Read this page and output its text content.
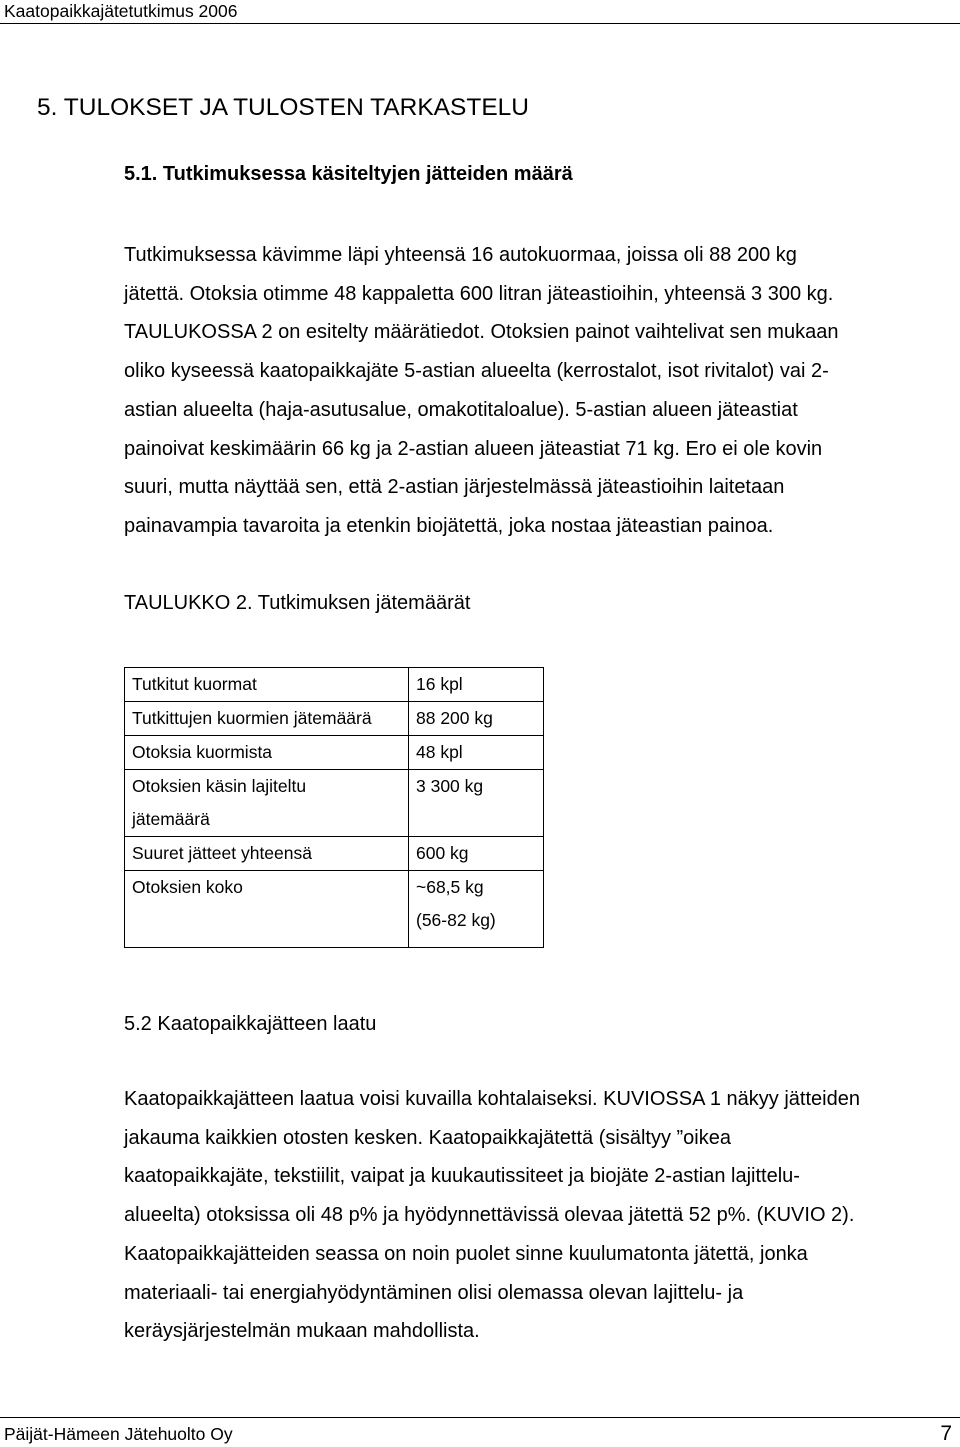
Kaatopaikkajätetutkimus 2006
5. TULOKSET JA TULOSTEN TARKASTELU
5.1. Tutkimuksessa käsiteltyjen jätteiden määrä
Tutkimuksessa kävimme läpi yhteensä 16 autokuormaa, joissa oli 88 200 kg
jätettä. Otoksia otimme 48 kappaletta 600 litran jäteastioihin, yhteensä 3 300 kg.
TAULUKOSSA 2 on esitelty määrätiedot. Otoksien painot vaihtelivat sen mukaan
oliko kyseessä kaatopaikkajäte 5-astian alueelta (kerrostalot, isot rivitalot) vai 2-
astian alueelta (haja-asutusalue, omakotitaloalue). 5-astian alueen jäteastiat
painoivat keskimäärin 66 kg ja 2-astian alueen jäteastiat 71 kg. Ero ei ole kovin
suuri, mutta näyttää sen, että 2-astian järjestelmässä jäteastioihin laitetaan
painavampia tavaroita ja etenkin biojätettä, joka nostaa jäteastian painoa.
TAULUKKO 2. Tutkimuksen jätemäärät
Tutkitut kuormat	16 kpl

Tutkittujen kuormien jätemäärä	88 200 kg

Otoksia kuormista	48 kpl

Otoksien käsin lajiteltu
jätemäärä	3 300 kg

Suuret jätteet yhteensä	600 kg

Otoksien koko	~68,5 kg
(56-82 kg)
5.2 Kaatopaikkajätteen laatu
Kaatopaikkajätteen laatua voisi kuvailla kohtalaiseksi. KUVIOSSA 1 näkyy jätteiden
jakauma kaikkien otosten kesken. Kaatopaikkajätettä (sisältyy ”oikea
kaatopaikkajäte, tekstiilit, vaipat ja kuukautissiteet ja biojäte 2-astian lajittelu-
alueelta) otoksissa oli 48 p% ja hyödynnettävissä olevaa jätettä 52 p%. (KUVIO 2).
Kaatopaikkajätteiden seassa on noin puolet sinne kuulumatonta jätettä, jonka
materiaali- tai energiahyödyntäminen olisi olemassa olevan lajittelu- ja
keräysjärjestelmän mukaan mahdollista.
Päijät-Hämeen Jätehuolto Oy	7
